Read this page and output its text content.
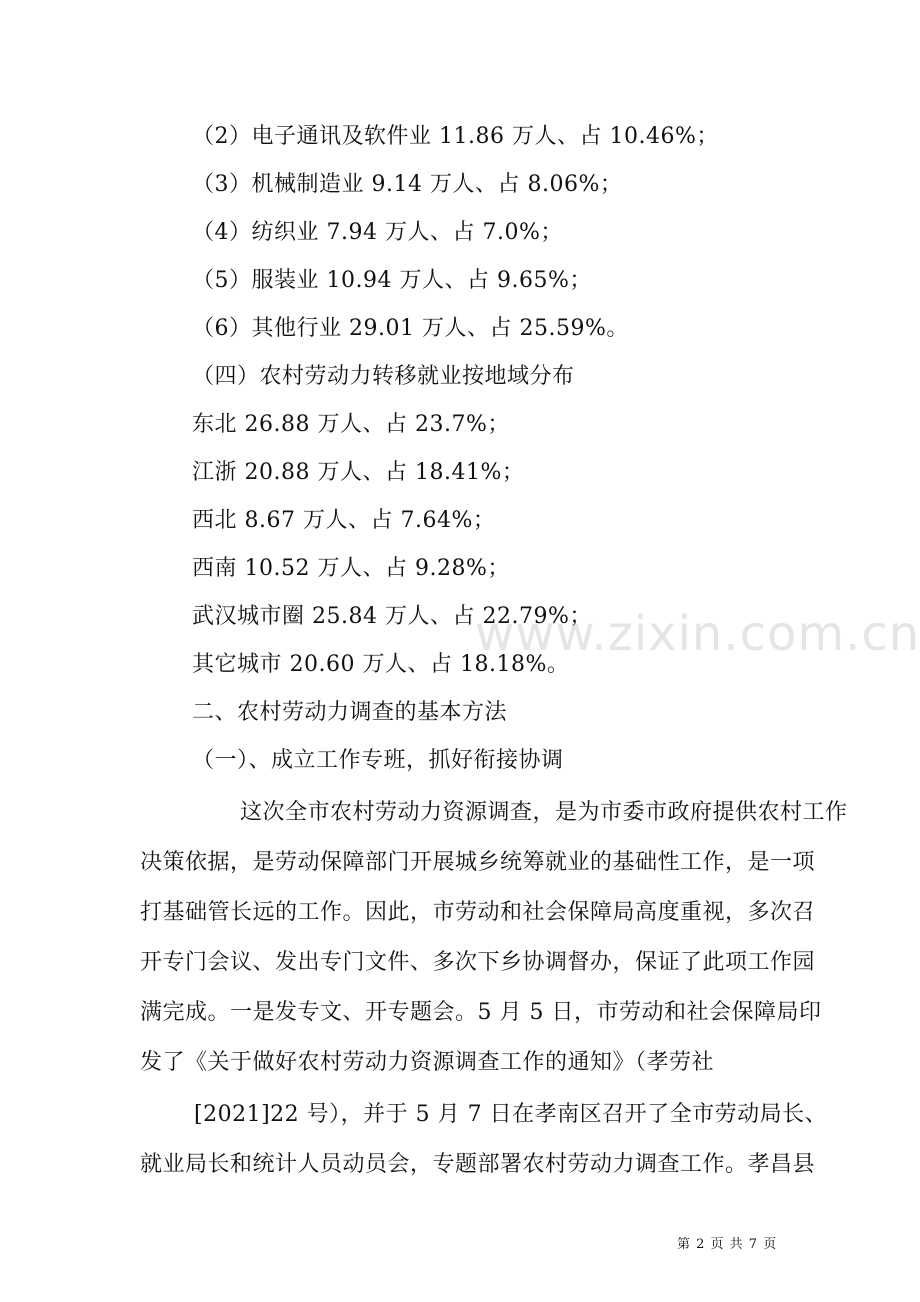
（2）电子通讯及软件业 11.86 万人、占 10.46%；
（3）机械制造业 9.14 万人、占 8.06%；
（4）纺织业 7.94 万人、占 7.0%；
（5）服装业 10.94 万人、占 9.65%；
（6）其他行业 29.01 万人、占 25.59%。
（四）农村劳动力转移就业按地域分布
东北 26.88 万人、占 23.7%；
江浙 20.88 万人、占 18.41%；
西北 8.67 万人、占 7.64%；
西南 10.52 万人、占 9.28%；
武汉城市圈 25.84 万人、占 22.79%；
其它城市 20.60 万人、占 18.18%。
二、农村劳动力调查的基本方法
（一）、成立工作专班，抓好衔接协调
这次全市农村劳动力资源调查，是为市委市政府提供农村工作
决策依据，是劳动保障部门开展城乡统筹就业的基础性工作，是一项
打基础管长远的工作。因此，市劳动和社会保障局高度重视，多次召
开专门会议、发出专门文件、多次下乡协调督办，保证了此项工作园
满完成。一是发专文、开专题会。5 月 5 日，市劳动和社会保障局印
发了《关于做好农村劳动力资源调查工作的通知》（孝劳社
[2021]22 号），并于 5 月 7 日在孝南区召开了全市劳动局长、
就业局长和统计人员动员会，专题部署农村劳动力调查工作。孝昌县
www.zixin.com.cn
第 2 页 共 7 页
